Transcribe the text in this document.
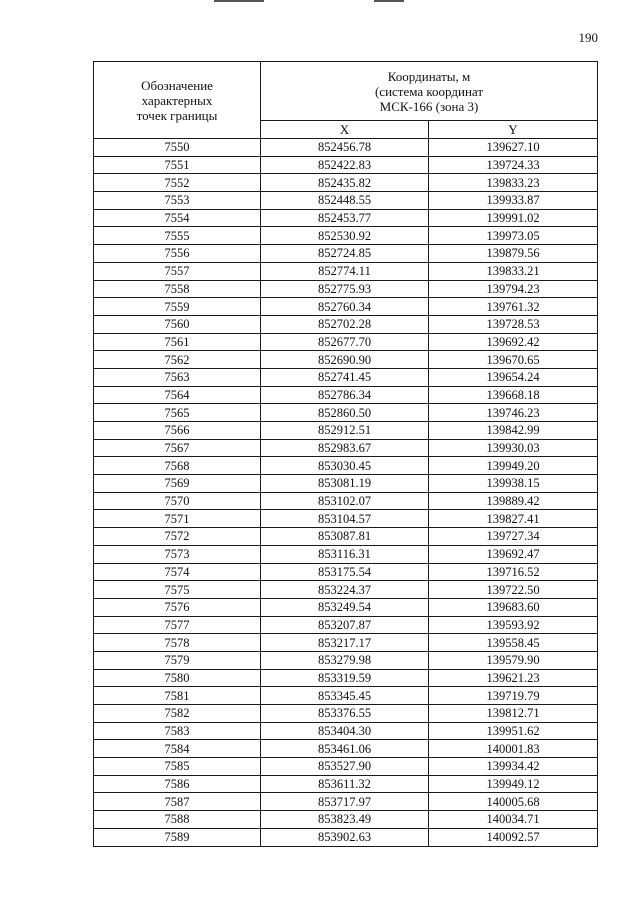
190
Обозначение
характерных
точек границы	Координаты, м
(система координат
МСК-166 (зона 3)	

	X	Y
7550	852456.78	139627.10
7551	852422.83	139724.33
7552	852435.82	139833.23
7553	852448.55	139933.87
7554	852453.77	139991.02
7555	852530.92	139973.05
7556	852724.85	139879.56
7557	852774.11	139833.21
7558	852775.93	139794.23
7559	852760.34	139761.32
7560	852702.28	139728.53
7561	852677.70	139692.42
7562	852690.90	139670.65
7563	852741.45	139654.24
7564	852786.34	139668.18
7565	852860.50	139746.23
7566	852912.51	139842.99
7567	852983.67	139930.03
7568	853030.45	139949.20
7569	853081.19	139938.15
7570	853102.07	139889.42
7571	853104.57	139827.41
7572	853087.81	139727.34
7573	853116.31	139692.47
7574	853175.54	139716.52
7575	853224.37	139722.50
7576	853249.54	139683.60
7577	853207.87	139593.92
7578	853217.17	139558.45
7579	853279.98	139579.90
7580	853319.59	139621.23
7581	853345.45	139719.79
7582	853376.55	139812.71
7583	853404.30	139951.62
7584	853461.06	140001.83
7585	853527.90	139934.42
7586	853611.32	139949.12
7587	853717.97	140005.68
7588	853823.49	140034.71
7589	853902.63	140092.57
